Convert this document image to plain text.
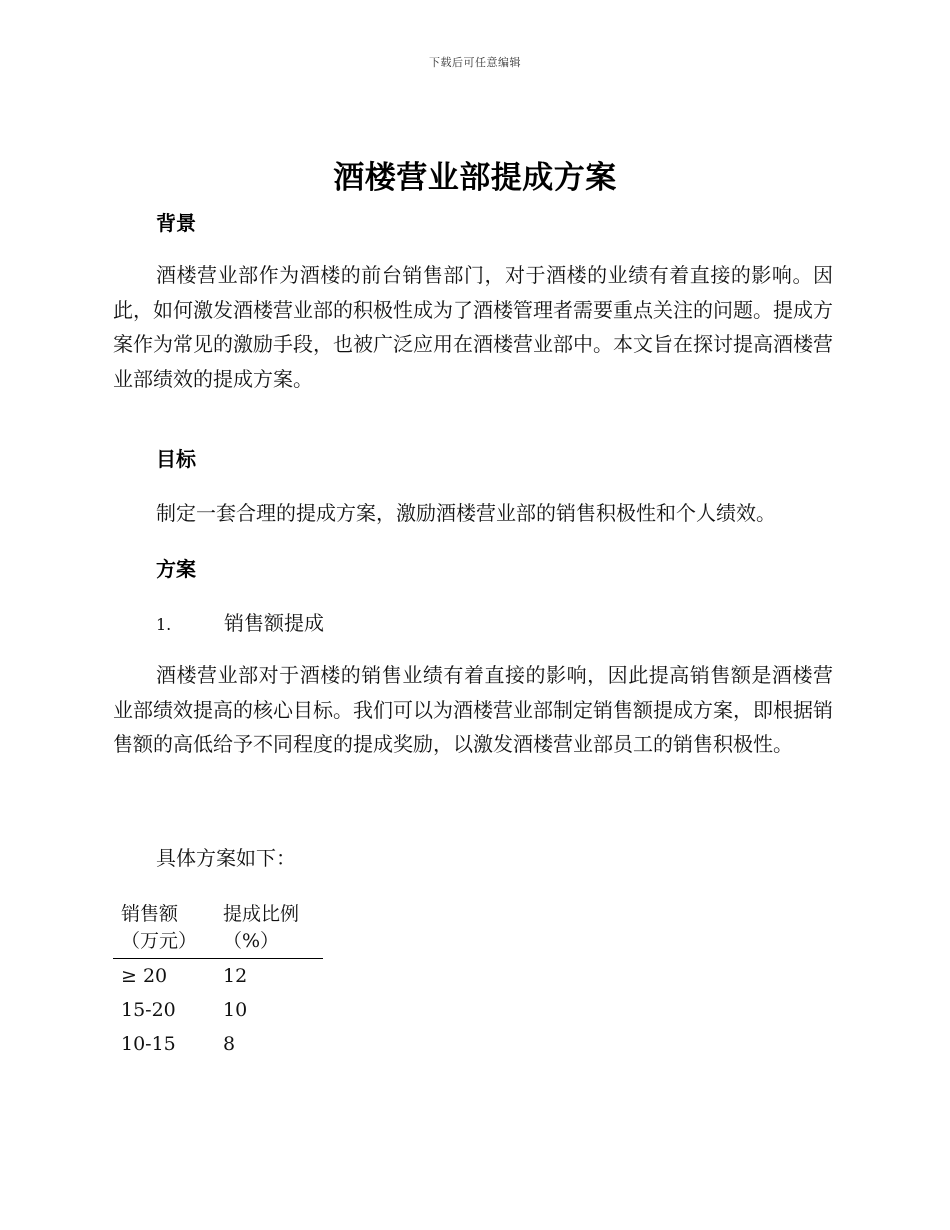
下载后可任意编辑
酒楼营业部提成方案
背景

酒楼营业部作为酒楼的前台销售部门，对于酒楼的业绩有着直接的影响。因此，如何激发酒楼营业部的积极性成为了酒楼管理者需要重点关注的问题。提成方案作为常见的激励手段，也被广泛应用在酒楼营业部中。本文旨在探讨提高酒楼营业部绩效的提成方案。

目标

制定一套合理的提成方案，激励酒楼营业部的销售积极性和个人绩效。

方案
1.	销售额提成

酒楼营业部对于酒楼的销售业绩有着直接的影响，因此提高销售额是酒楼营业部绩效提高的核心目标。我们可以为酒楼营业部制定销售额提成方案，即根据销售额的高低给予不同程度的提成奖励，以激发酒楼营业部员工的销售积极性。

具体方案如下：

销售额（万元）	提成比例（%）
≥ 20	12
15-20	10
10-15	8
